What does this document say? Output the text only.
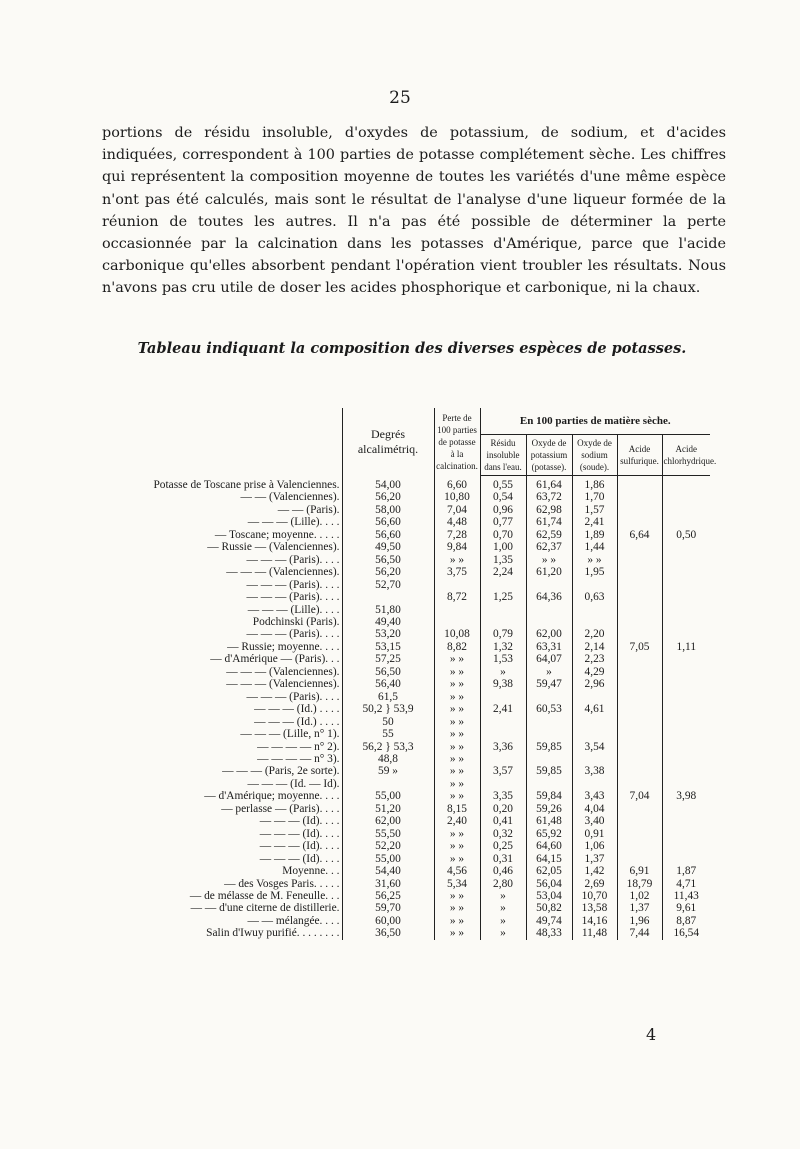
25
portions de résidu insoluble, d'oxydes de potassium, de sodium, et d'acides indiquées, correspondent à 100 parties de potasse complétement sèche. Les chiffres qui représentent la composition moyenne de toutes les variétés d'une même espèce n'ont pas été calculés, mais sont le résultat de l'analyse d'une liqueur formée de la réunion de toutes les autres. Il n'a pas été possible de déterminer la perte occasionnée par la calcination dans les potasses d'Amérique, parce que l'acide carbonique qu'elles absorbent pendant l'opération vient troubler les résultats. Nous n'avons pas cru utile de doser les acides phosphorique et carbonique, ni la chaux.
Tableau indiquant la composition des diverses espèces de potasses.
	Degrés alcalimétriq.	Perte de 100 parties de potasse à la calcination.	En 100 parties de matière sèche.				
			Résidu insoluble dans l'eau.	Oxyde de potassium (potasse).	Oxyde de sodium (soude).	Acide sulfurique.	Acide chlorhydrique.
Potasse de Toscane prise à Valenciennes.	54,00	6,60	0,55	61,64	1,86		
— — (Valenciennes).	56,20	10,80	0,54	63,72	1,70		
— — (Paris).	58,00	7,04	0,96	62,98	1,57		
— — — (Lille). . . .	56,60	4,48	0,77	61,74	2,41		
— Toscane; moyenne. . . . .	56,60	7,28	0,70	62,59	1,89	6,64	0,50
— Russie — (Valenciennes).	49,50	9,84	1,00	62,37	1,44		
— — — (Paris). . . .	56,50	» »	1,35	» »	» »		
— — — (Valenciennes).	56,20	3,75	2,24	61,20	1,95		
— — — (Paris). . . .	52,70						
— — — (Paris). . . .		8,72	1,25	64,36	0,63		
— — — (Lille). . . .	51,80						
Podchinski (Paris).	49,40						
— — — (Paris). . . .	53,20	10,08	0,79	62,00	2,20		
— Russie; moyenne. . . .	53,15	8,82	1,32	63,31	2,14	7,05	1,11
— d'Amérique — (Paris). . .	57,25	» »	1,53	64,07	2,23		
— — — (Valenciennes).	56,50	» »	»	»	4,29		
— — — (Valenciennes).	56,40	» »	9,38	59,47	2,96		
— — — (Paris). . . .	61,5	» »					
— — — (Id.) . . . .	50,2 } 53,9	» »	2,41	60,53	4,61		
— — — (Id.) . . . .	50	» »					
— — — (Lille, n° 1).	55	» »					
— — — — n° 2).	56,2 } 53,3	» »	3,36	59,85	3,54		
— — — — n° 3).	48,8	» »					
— — — (Paris, 2e sorte).	59 »	» »	3,57	59,85	3,38		
— — — (Id. — Id).		» »					
— d'Amérique; moyenne. . . .	55,00	» »	3,35	59,84	3,43	7,04	3,98
— perlasse — (Paris). . . .	51,20	8,15	0,20	59,26	4,04		
— — — (Id). . . .	62,00	2,40	0,41	61,48	3,40		
— — — (Id). . . .	55,50	» »	0,32	65,92	0,91		
— — — (Id). . . .	52,20	» »	0,25	64,60	1,06		
— — — (Id). . . .	55,00	» »	0,31	64,15	1,37		
Moyenne. . .	54,40	4,56	0,46	62,05	1,42	6,91	1,87
— des Vosges Paris. . . . .	31,60	5,34	2,80	56,04	2,69	18,79	4,71
— de mélasse de M. Feneulle. . .	56,25	» »	»	53,04	10,70	1,02	11,43
— — d'une citerne de distillerie.	59,70	» »	»	50,82	13,58	1,37	9,61
— — mélangée. . . .	60,00	» »	»	49,74	14,16	1,96	8,87
Salin d'Iwuy purifié. . . . . . . .	36,50	» »	»	48,33	11,48	7,44	16,54
4
